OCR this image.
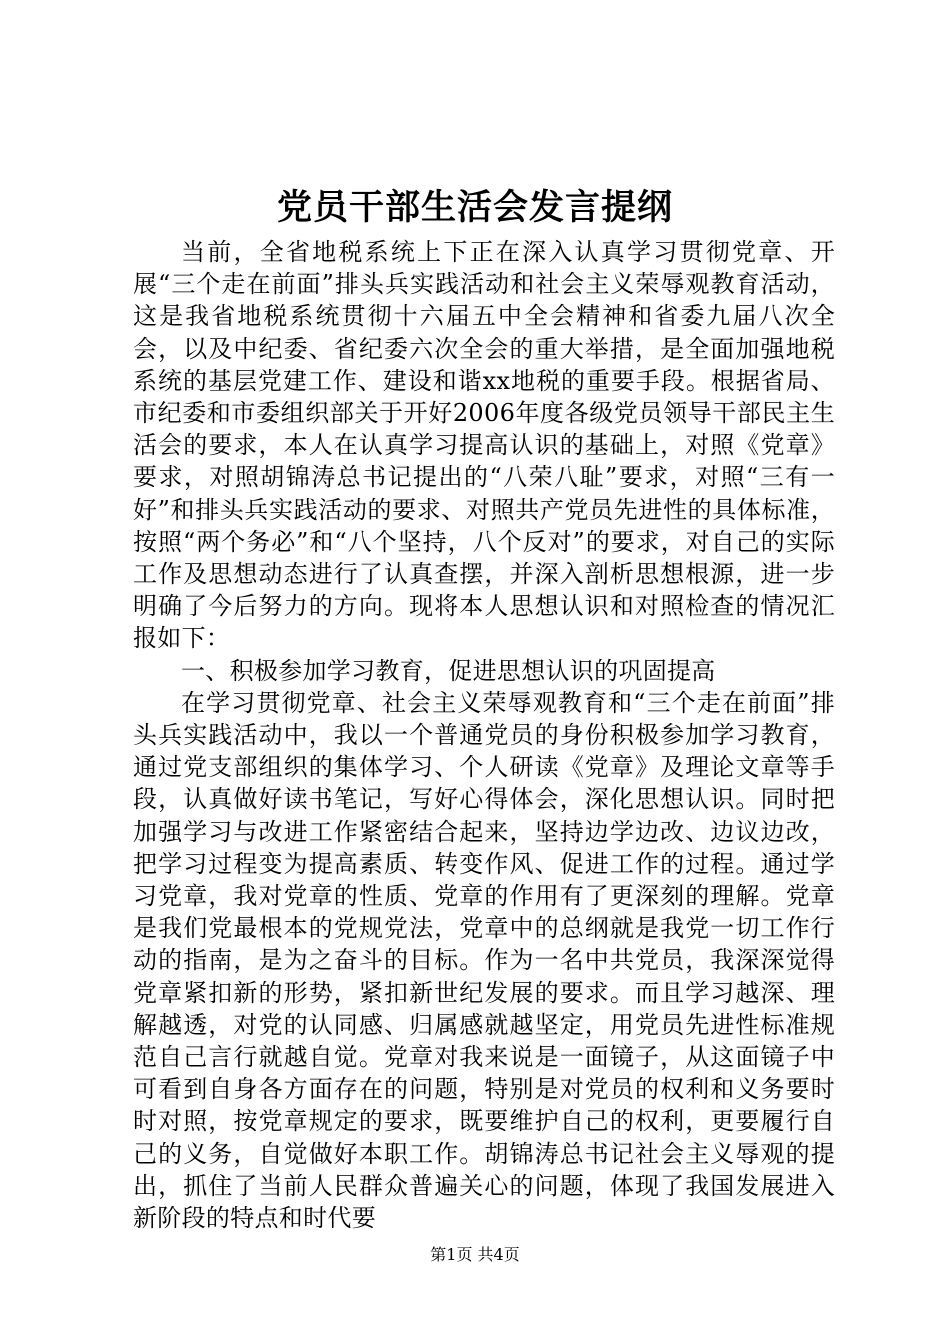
党员干部生活会发言提纲

当前，全省地税系统上下正在深入认真学习贯彻党章、开展“三个走在前面”排头兵实践活动和社会主义荣辱观教育活动，这是我省地税系统贯彻十六届五中全会精神和省委九届八次全会，以及中纪委、省纪委六次全会的重大举措，是全面加强地税系统的基层党建工作、建设和谐xx地税的重要手段。根据省局、市纪委和市委组织部关于开好2006年度各级党员领导干部民主生活会的要求，本人在认真学习提高认识的基础上，对照《党章》要求，对照胡锦涛总书记提出的“八荣八耻”要求，对照“三有一好”和排头兵实践活动的要求、对照共产党员先进性的具体标准，按照“两个务必”和“八个坚持，八个反对”的要求，对自己的实际工作及思想动态进行了认真查摆，并深入剖析思想根源，进一步明确了今后努力的方向。现将本人思想认识和对照检查的情况汇报如下：

一、积极参加学习教育，促进思想认识的巩固提高

在学习贯彻党章、社会主义荣辱观教育和“三个走在前面”排头兵实践活动中，我以一个普通党员的身份积极参加学习教育，通过党支部组织的集体学习、个人研读《党章》及理论文章等手段，认真做好读书笔记，写好心得体会，深化思想认识。同时把加强学习与改进工作紧密结合起来，坚持边学边改、边议边改，把学习过程变为提高素质、转变作风、促进工作的过程。通过学习党章，我对党章的性质、党章的作用有了更深刻的理解。党章是我们党最根本的党规党法，党章中的总纲就是我党一切工作行动的指南，是为之奋斗的目标。作为一名中共党员，我深深觉得党章紧扣新的形势，紧扣新世纪发展的要求。而且学习越深、理解越透，对党的认同感、归属感就越坚定，用党员先进性标准规范自己言行就越自觉。党章对我来说是一面镜子，从这面镜子中可看到自身各方面存在的问题，特别是对党员的权利和义务要时时对照，按党章规定的要求，既要维护自己的权利，更要履行自己的义务，自觉做好本职工作。胡锦涛总书记社会主义辱观的提出，抓住了当前人民群众普遍关心的问题，体现了我国发展进入新阶段的特点和时代要

第1页 共4页
